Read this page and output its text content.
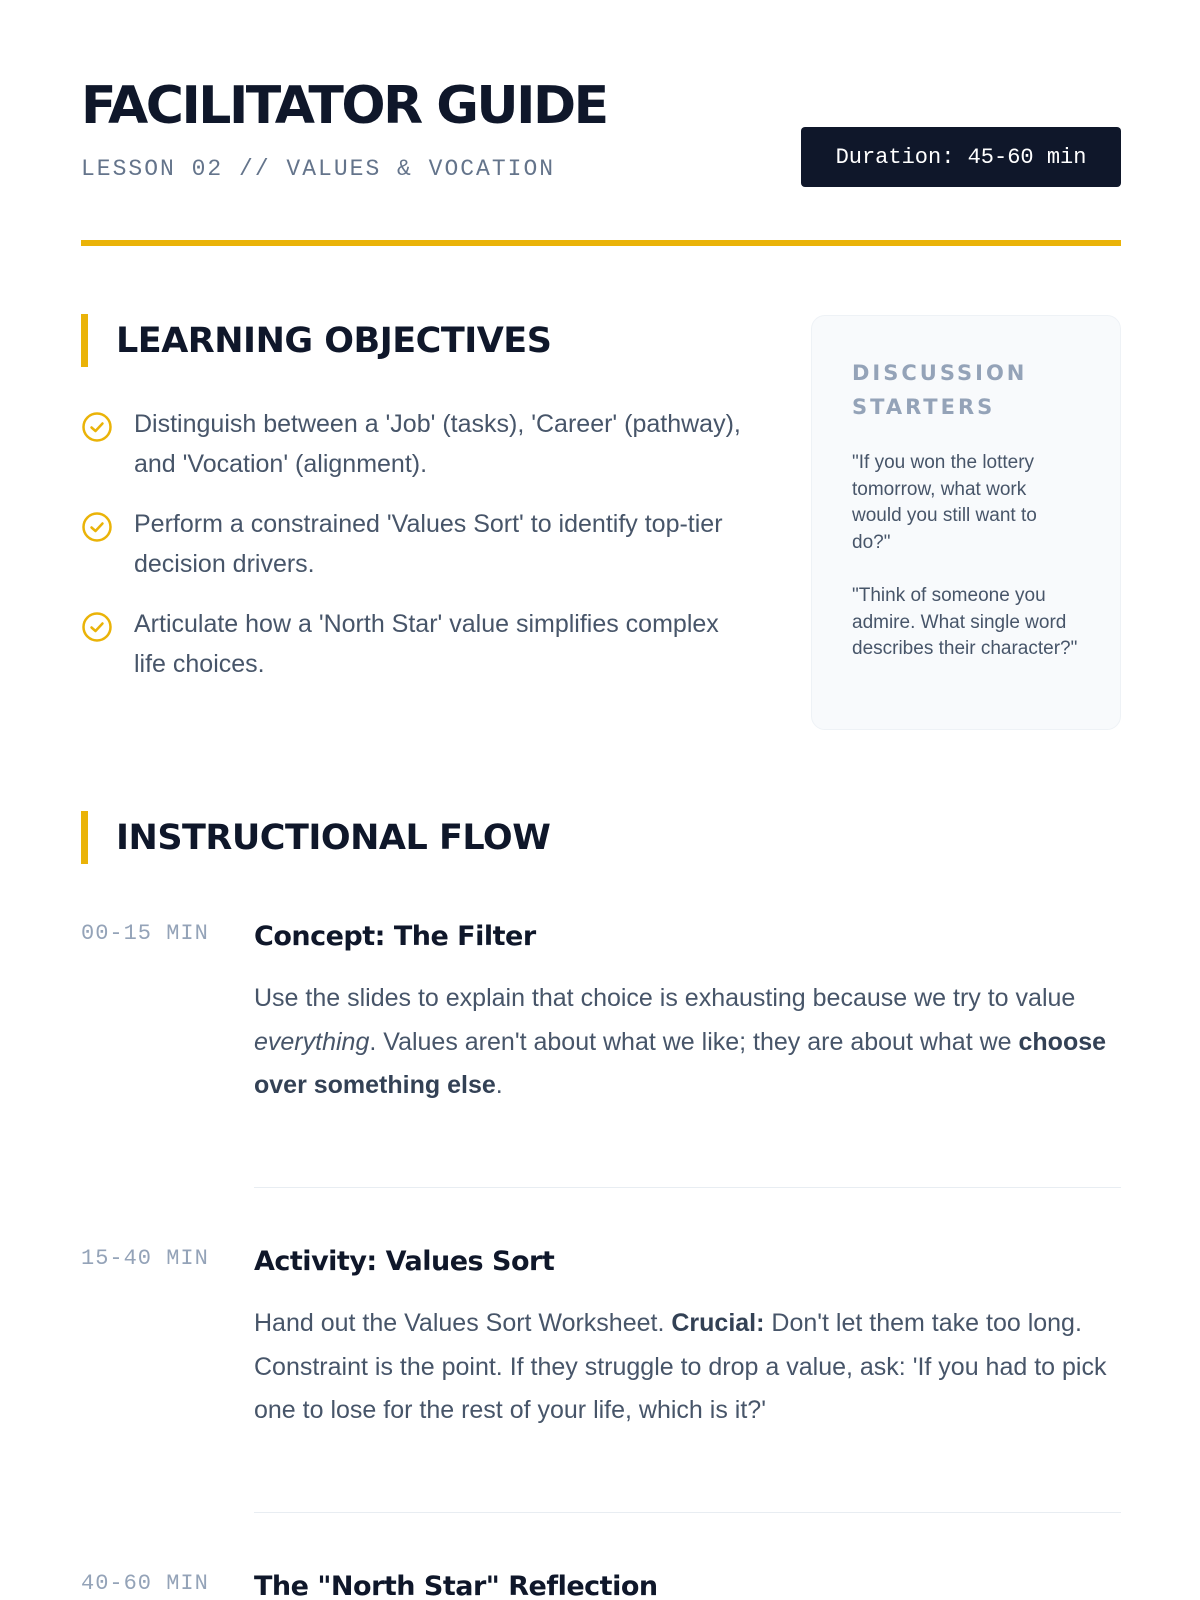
FACILITATOR GUIDE
LESSON 02 // VALUES & VOCATION	Duration: 45-60 min
LEARNING OBJECTIVES
Distinguish between a 'Job' (tasks), 'Career' (pathway), and 'Vocation' (alignment).
Perform a constrained 'Values Sort' to identify top-tier decision drivers.
Articulate how a 'North Star' value simplifies complex life choices.
DISCUSSION STARTERS
"If you won the lottery tomorrow, what work would you still want to do?"
"Think of someone you admire. What single word describes their character?"
INSTRUCTIONAL FLOW
00-15 MIN Concept: The Filter
Use the slides to explain that choice is exhausting because we try to value everything. Values aren't about what we like; they are about what we choose over something else.
15-40 MIN Activity: Values Sort
Hand out the Values Sort Worksheet. Crucial: Don't let them take too long. Constraint is the point. If they struggle to drop a value, ask: 'If you had to pick one to lose for the rest of your life, which is it?'
40-60 MIN The "North Star" Reflection
